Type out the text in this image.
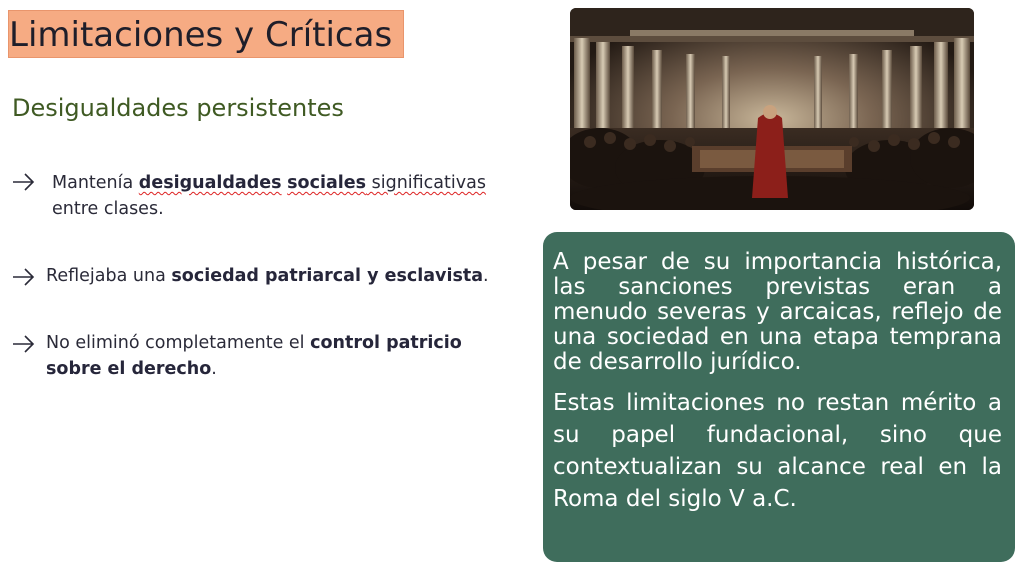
Limitaciones y Críticas
Desigualdades persistentes
Mantenía desigualdades sociales significativas
entre clases.
Reflejaba una sociedad patriarcal y esclavista.
No eliminó completamente el control patricio
sobre el derecho.

A pesar de su importancia histórica, las sanciones previstas eran a menudo severas y arcaicas, reflejo de una sociedad en una etapa temprana de desarrollo jurídico.

Estas limitaciones no restan mérito a su papel fundacional, sino que contextualizan su alcance real en la Roma del siglo V a.C.
